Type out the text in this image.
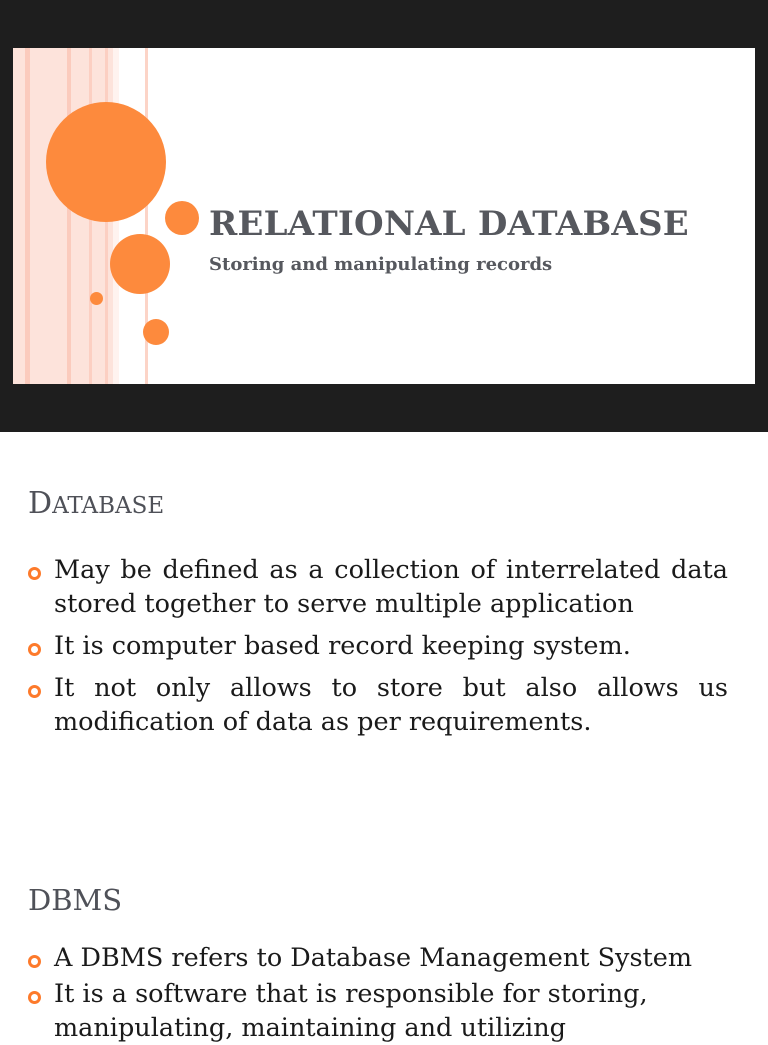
RELATIONAL DATABASE
Storing and manipulating records
DATABASE
May be defined as a collection of interrelated data stored together to serve multiple application
It is computer based record keeping system.
It not only allows to store but also allows us modification of data as per requirements.
DBMS
A DBMS refers to Database Management System
It is a software that is responsible for storing, manipulating, maintaining and utilizing
